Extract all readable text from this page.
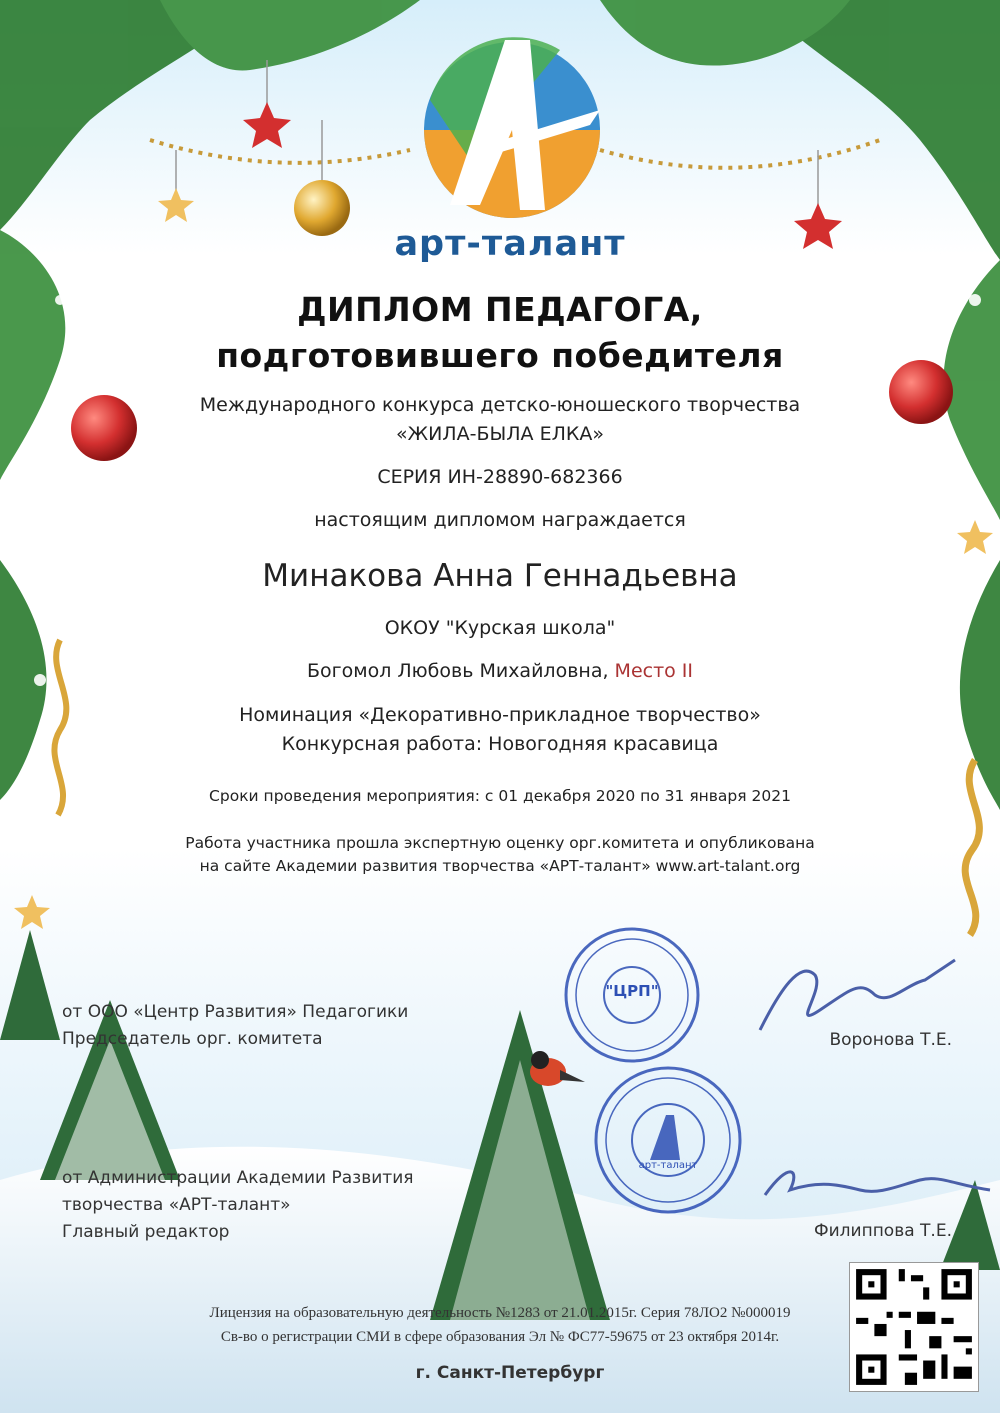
арт-талант
ДИПЛОМ ПЕДАГОГА,
подготовившего победителя
Международного конкурса детско-юношеского творчества
«ЖИЛА-БЫЛА ЕЛКА»
СЕРИЯ ИН-28890-682366
настоящим дипломом награждается
Минакова Анна Геннадьевна
ОКОУ "Курская школа"
Богомол Любовь Михайловна, Место II
Номинация «Декоративно-прикладное творчество»
Конкурсная работа: Новогодняя красавица
Сроки проведения мероприятия: с 01 декабря 2020 по 31 января 2021
Работа участника прошла экспертную оценку орг.комитета и опубликована
на сайте Академии развития творчества «АРТ-талант» www.art-talant.org
от ООО «Центр Развития» Педагогики
Председатель орг. комитета	Воронова Т.Е.
от Администрации Академии Развития
творчества «АРТ-талант»
Главный редактор	Филиппова Т.Е.
"ЦРП"
арт-талант
Лицензия на образовательную деятельность №1283 от 21.01.2015г. Серия 78ЛО2 №000019
Св-во о регистрации СМИ в сфере образования Эл № ФС77-59675 от 23 октября 2014г.
г. Санкт-Петербург
